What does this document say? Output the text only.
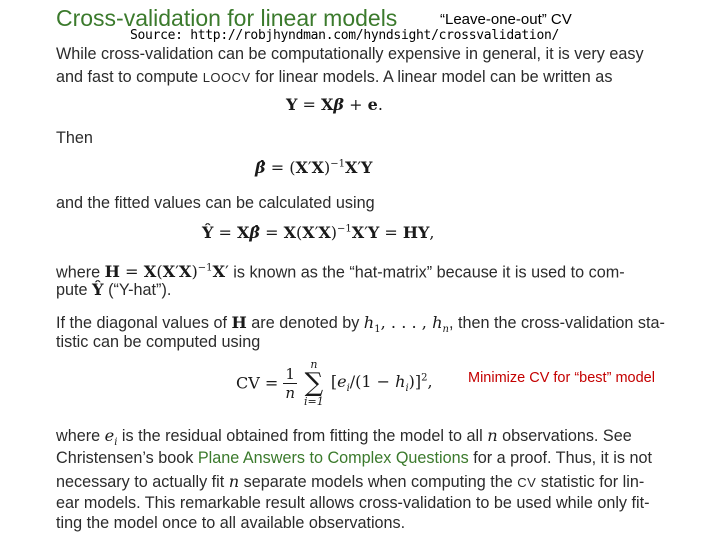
Cross-validation for linear models	“Leave-one-out” CV
Source: http://robjhyndman.com/hyndsight/crossvalidation/
While cross-validation can be computationally expensive in general, it is very easy
and fast to compute LOOCV for linear models. A linear model can be written as
Y = Xβ + e.
Then
β̂ = $(X'X)^{-1}X'Y$
and the fitted values can be calculated using
Ŷ = Xβ̂ = $X(X'X)^{-1}X'Y$ = HY,
where $H = X(X'X)^{-1}X'$ is known as the “hat-matrix” because it is used to com-
pute Ŷ (“Y-hat”).
If the diagonal values of H are denoted by $h_1$, . . . , $h_n$, then the cross-validation sta-
tistic can be computed using
CV = $\frac{1}{n}$
	n
∑
i=1
$[e_i/(1 - h_i)]^2$, Minimize CV for “best” model
where $e_i$ is the residual obtained from fitting the model to all n observations. See
Christensen’s book Plane Answers to Complex Questions for a proof. Thus, it is not
necessary to actually fit n separate models when computing the CV statistic for lin-
ear models. This remarkable result allows cross-validation to be used while only fit-
ting the model once to all available observations.
